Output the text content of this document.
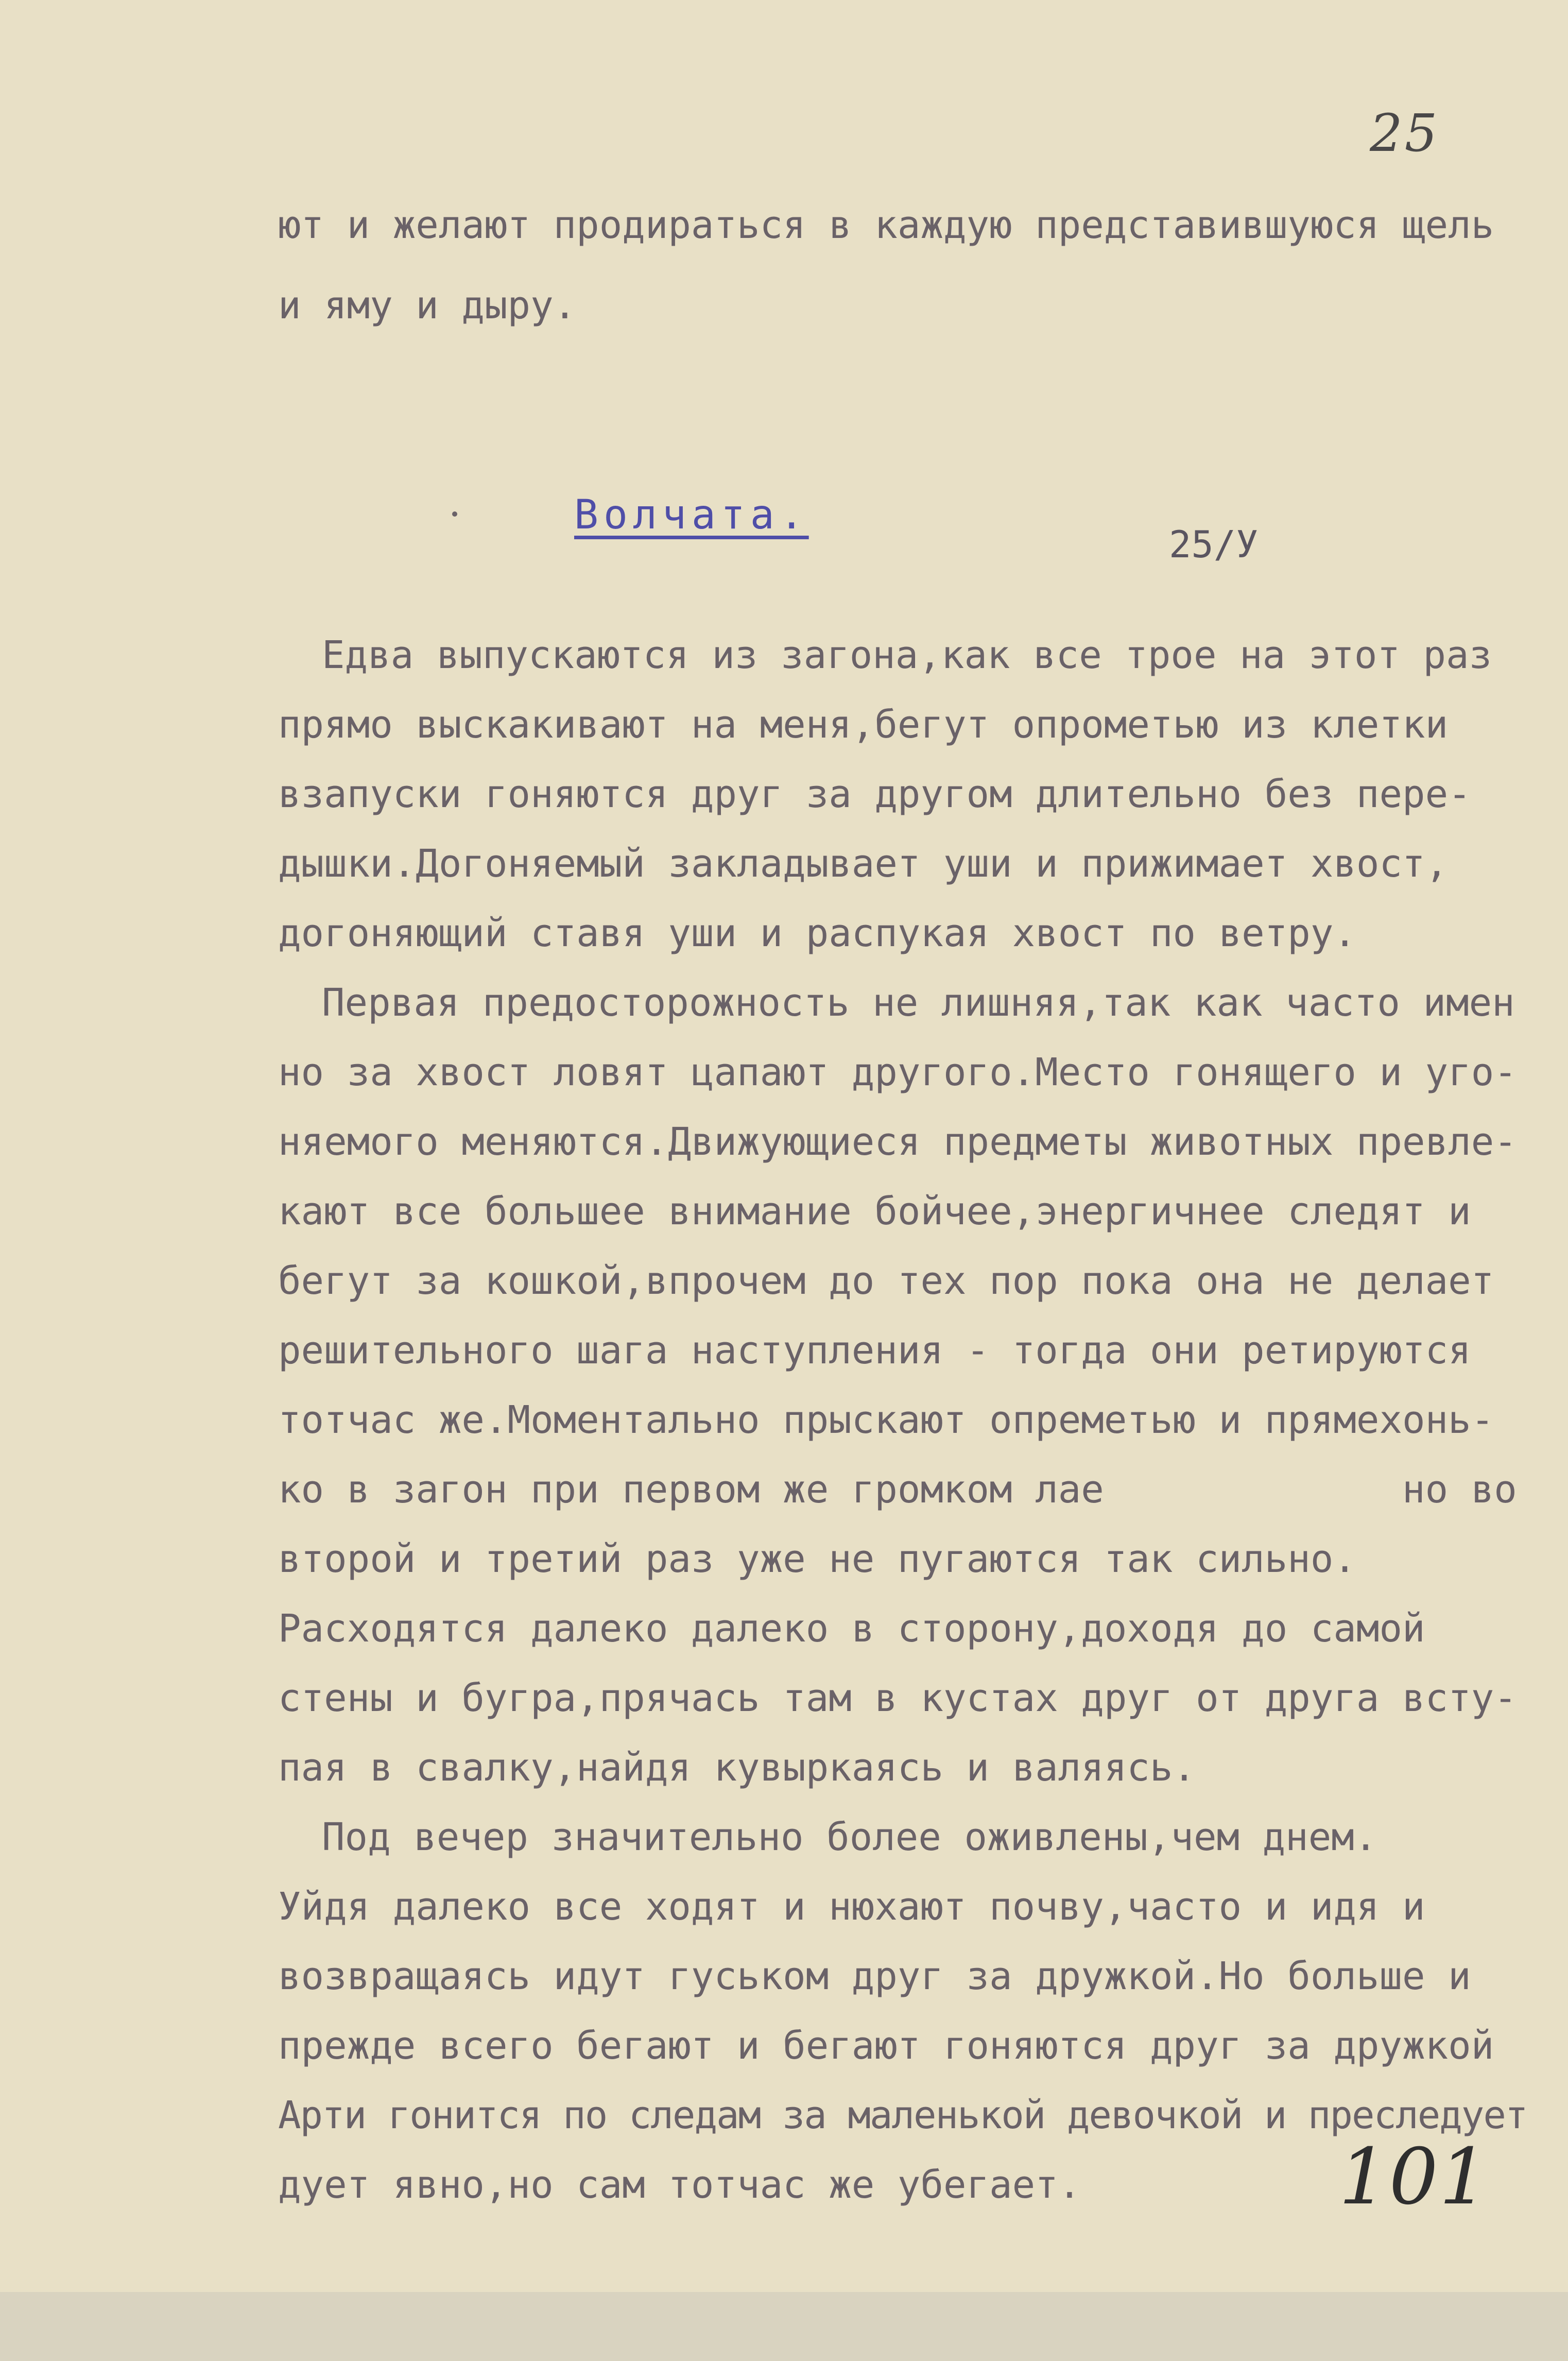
25
ют и желают продираться в каждую представившуюся щель
и яму и дыру.
Волчата.
25/У
Едва выпускаются из загона,как все трое на этот раз
прямо выскакивают на меня,бегут опрометью из клетки
взапуски гоняются друг за другом длительно без пере-
дышки.Догоняемый закладывает уши и прижимает хвост,
догоняющий ставя уши и распукая хвост по ветру.
Первая предосторожность не лишняя,так как часто имен
но за хвост ловят цапают другого.Место гонящего и уго-
няемого меняются.Движующиеся предметы животных превле-
кают все большее внимание бойчее,энергичнее следят и
бегут за кошкой,впрочем до тех пор пока она не делает
решительного шага наступления - тогда они ретируются
тотчас же.Моментально прыскают опреметью и прямехонь-
ко в загон при первом же громком лае             но во
второй и третий раз уже не пугаются так сильно.
Расходятся далеко далеко в сторону,доходя до самой
стены и бугра,прячась там в кустах друг от друга всту-
пая в свалку,найдя кувыркаясь и валяясь.
Под вечер значительно более оживлены,чем днем.
Уйдя далеко все ходят и нюхают почву,часто и идя и
возвращаясь идут гуськом друг за дружкой.Но больше и
прежде всего бегают и бегают гоняются друг за дружкой
Арти гонится по следам за маленькой девочкой и преследует
дует явно,но сам тотчас же убегает.	101
